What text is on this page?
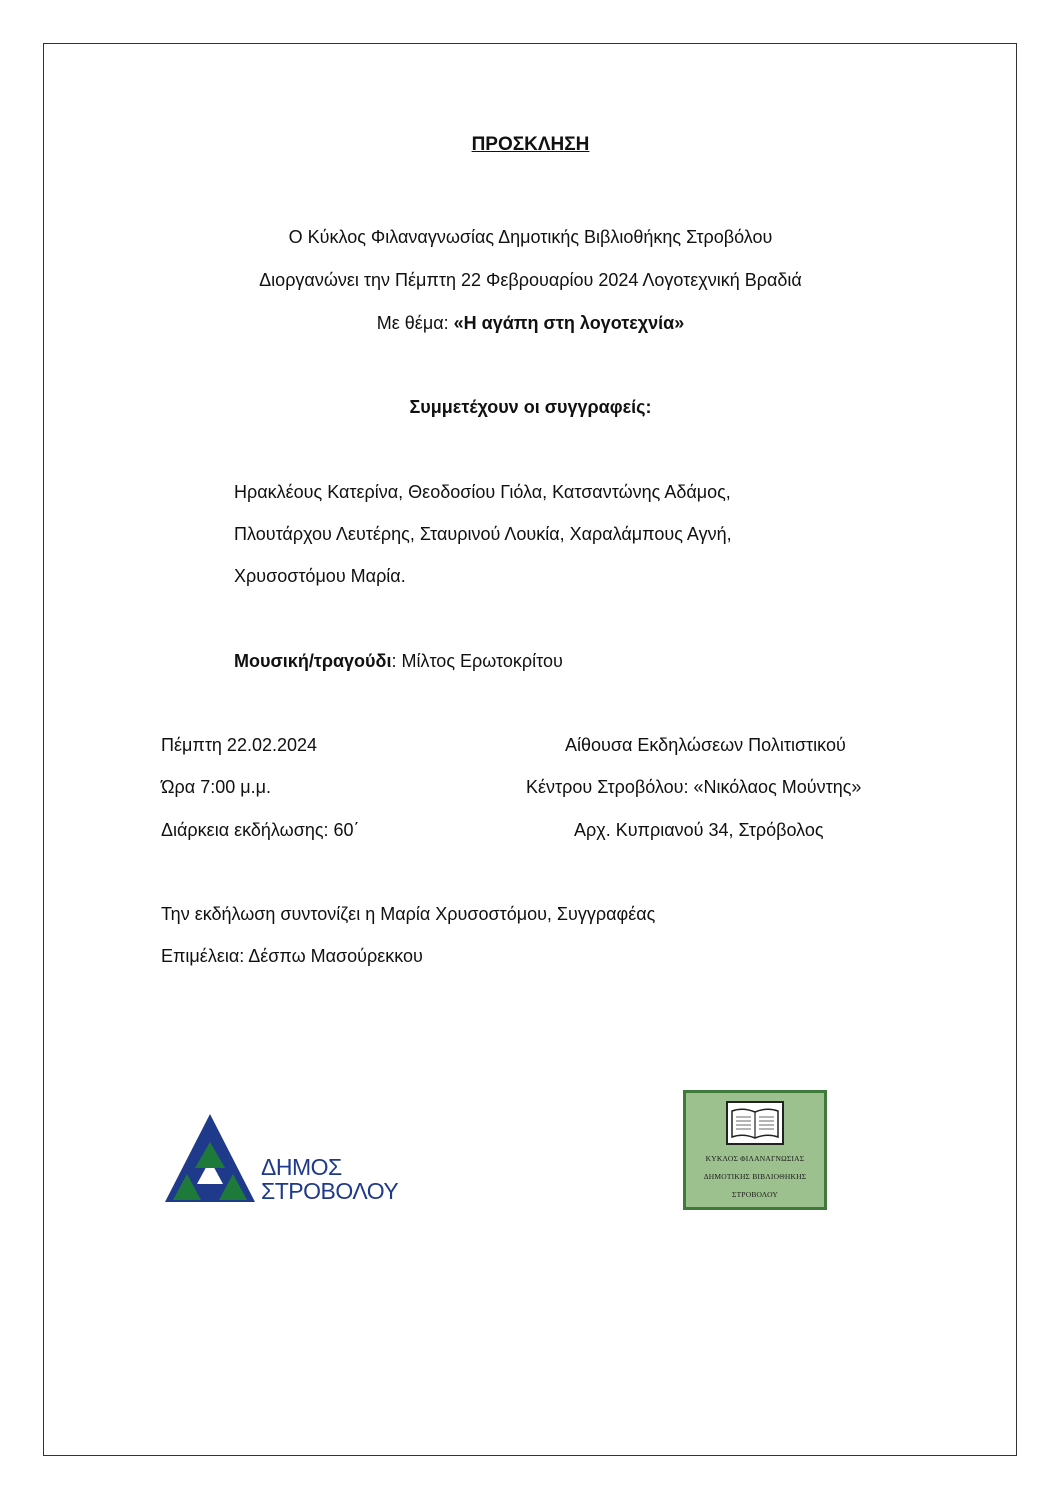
ΠΡΟΣΚΛΗΣΗ
Ο Κύκλος Φιλαναγνωσίας Δημοτικής Βιβλιοθήκης Στροβόλου
Διοργανώνει την Πέμπτη 22 Φεβρουαρίου 2024 Λογοτεχνική Βραδιά
Με θέμα: «Η αγάπη στη λογοτεχνία»
Συμμετέχουν οι συγγραφείς:
Ηρακλέους Κατερίνα, Θεοδοσίου Γιόλα, Κατσαντώνης Αδάμος,
Πλουτάρχου Λευτέρης, Σταυρινού Λουκία, Χαραλάμπους Αγνή,
Χρυσοστόμου Μαρία.
Μουσική/τραγούδι: Μίλτος Ερωτοκρίτου
Πέμπτη 22.02.2024
Ώρα 7:00 μ.μ.
Διάρκεια εκδήλωσης: 60΄
Αίθουσα Εκδηλώσεων Πολιτιστικού
Κέντρου Στροβόλου: «Νικόλαος Μούντης»
Αρχ. Κυπριανού 34, Στρόβολος
Την εκδήλωση συντονίζει η Μαρία Χρυσοστόμου, Συγγραφέας
Επιμέλεια: Δέσπω Μασούρεκκου
ΔΗΜΟΣ
ΣΤΡΟΒΟΛΟΥ
ΚΥΚΛΟΣ ΦΙΛΑΝΑΓΝΩΣΙΑΣ
ΔΗΜΟΤΙΚΗΣ ΒΙΒΛΙΟΘΗΚΗΣ
ΣΤΡΟΒΟΛΟΥ
